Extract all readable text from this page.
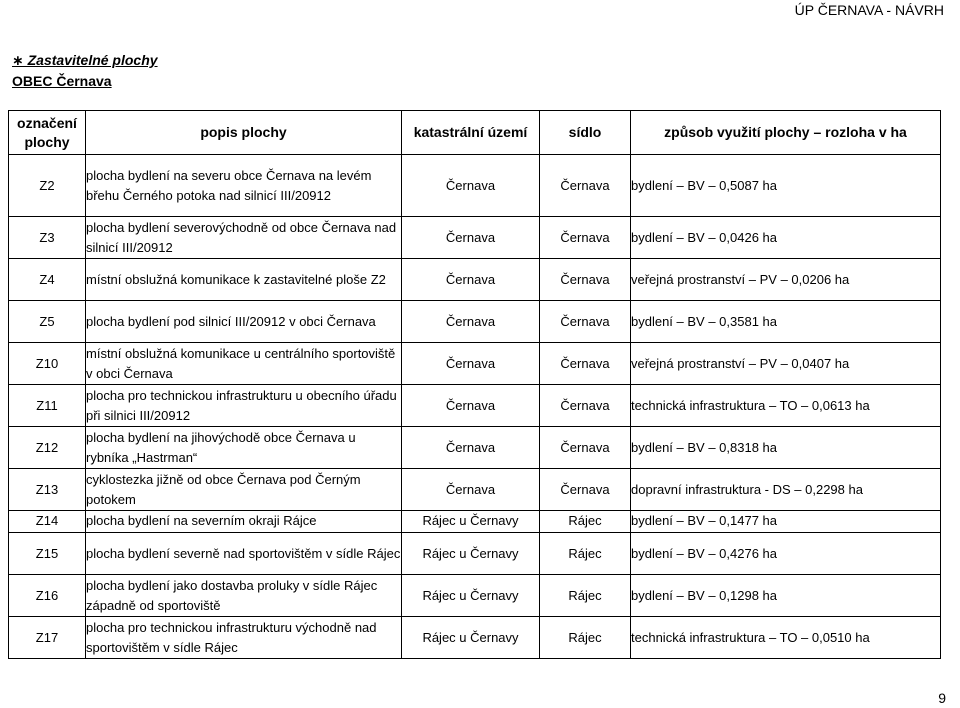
ÚP ČERNAVA - NÁVRH
∗ Zastavitelné plochy
OBEC Černava
označení plochy	popis plochy	katastrální území	sídlo	způsob využití plochy – rozloha v ha
Z2	plocha bydlení na severu obce Černava na levém břehu Černého potoka nad silnicí III/20912	Černava	Černava	bydlení – BV – 0,5087 ha
Z3	plocha bydlení severovýchodně od obce Černava nad silnicí III/20912	Černava	Černava	bydlení – BV – 0,0426 ha
Z4	místní obslužná komunikace k zastavitelné ploše Z2	Černava	Černava	veřejná prostranství – PV – 0,0206 ha
Z5	plocha bydlení pod silnicí III/20912 v obci Černava	Černava	Černava	bydlení – BV – 0,3581 ha
Z10	místní obslužná komunikace u centrálního sportoviště v obci Černava	Černava	Černava	veřejná prostranství – PV – 0,0407 ha
Z11	plocha pro technickou infrastrukturu u obecního úřadu při silnici III/20912	Černava	Černava	technická infrastruktura – TO – 0,0613 ha
Z12	plocha bydlení na jihovýchodě obce Černava u rybníka „Hastrman“	Černava	Černava	bydlení – BV – 0,8318 ha
Z13	cyklostezka jižně od obce Černava pod Černým potokem	Černava	Černava	dopravní infrastruktura - DS – 0,2298 ha
Z14	plocha bydlení na severním okraji Rájce	Rájec u Černavy	Rájec	bydlení – BV – 0,1477 ha
Z15	plocha bydlení severně nad sportovištěm v sídle Rájec	Rájec u Černavy	Rájec	bydlení – BV – 0,4276 ha
Z16	plocha bydlení jako dostavba proluky v sídle Rájec západně od sportoviště	Rájec u Černavy	Rájec	bydlení – BV – 0,1298 ha
Z17	plocha pro technickou infrastrukturu východně nad sportovištěm v sídle Rájec	Rájec u Černavy	Rájec	technická infrastruktura – TO – 0,0510 ha
9
